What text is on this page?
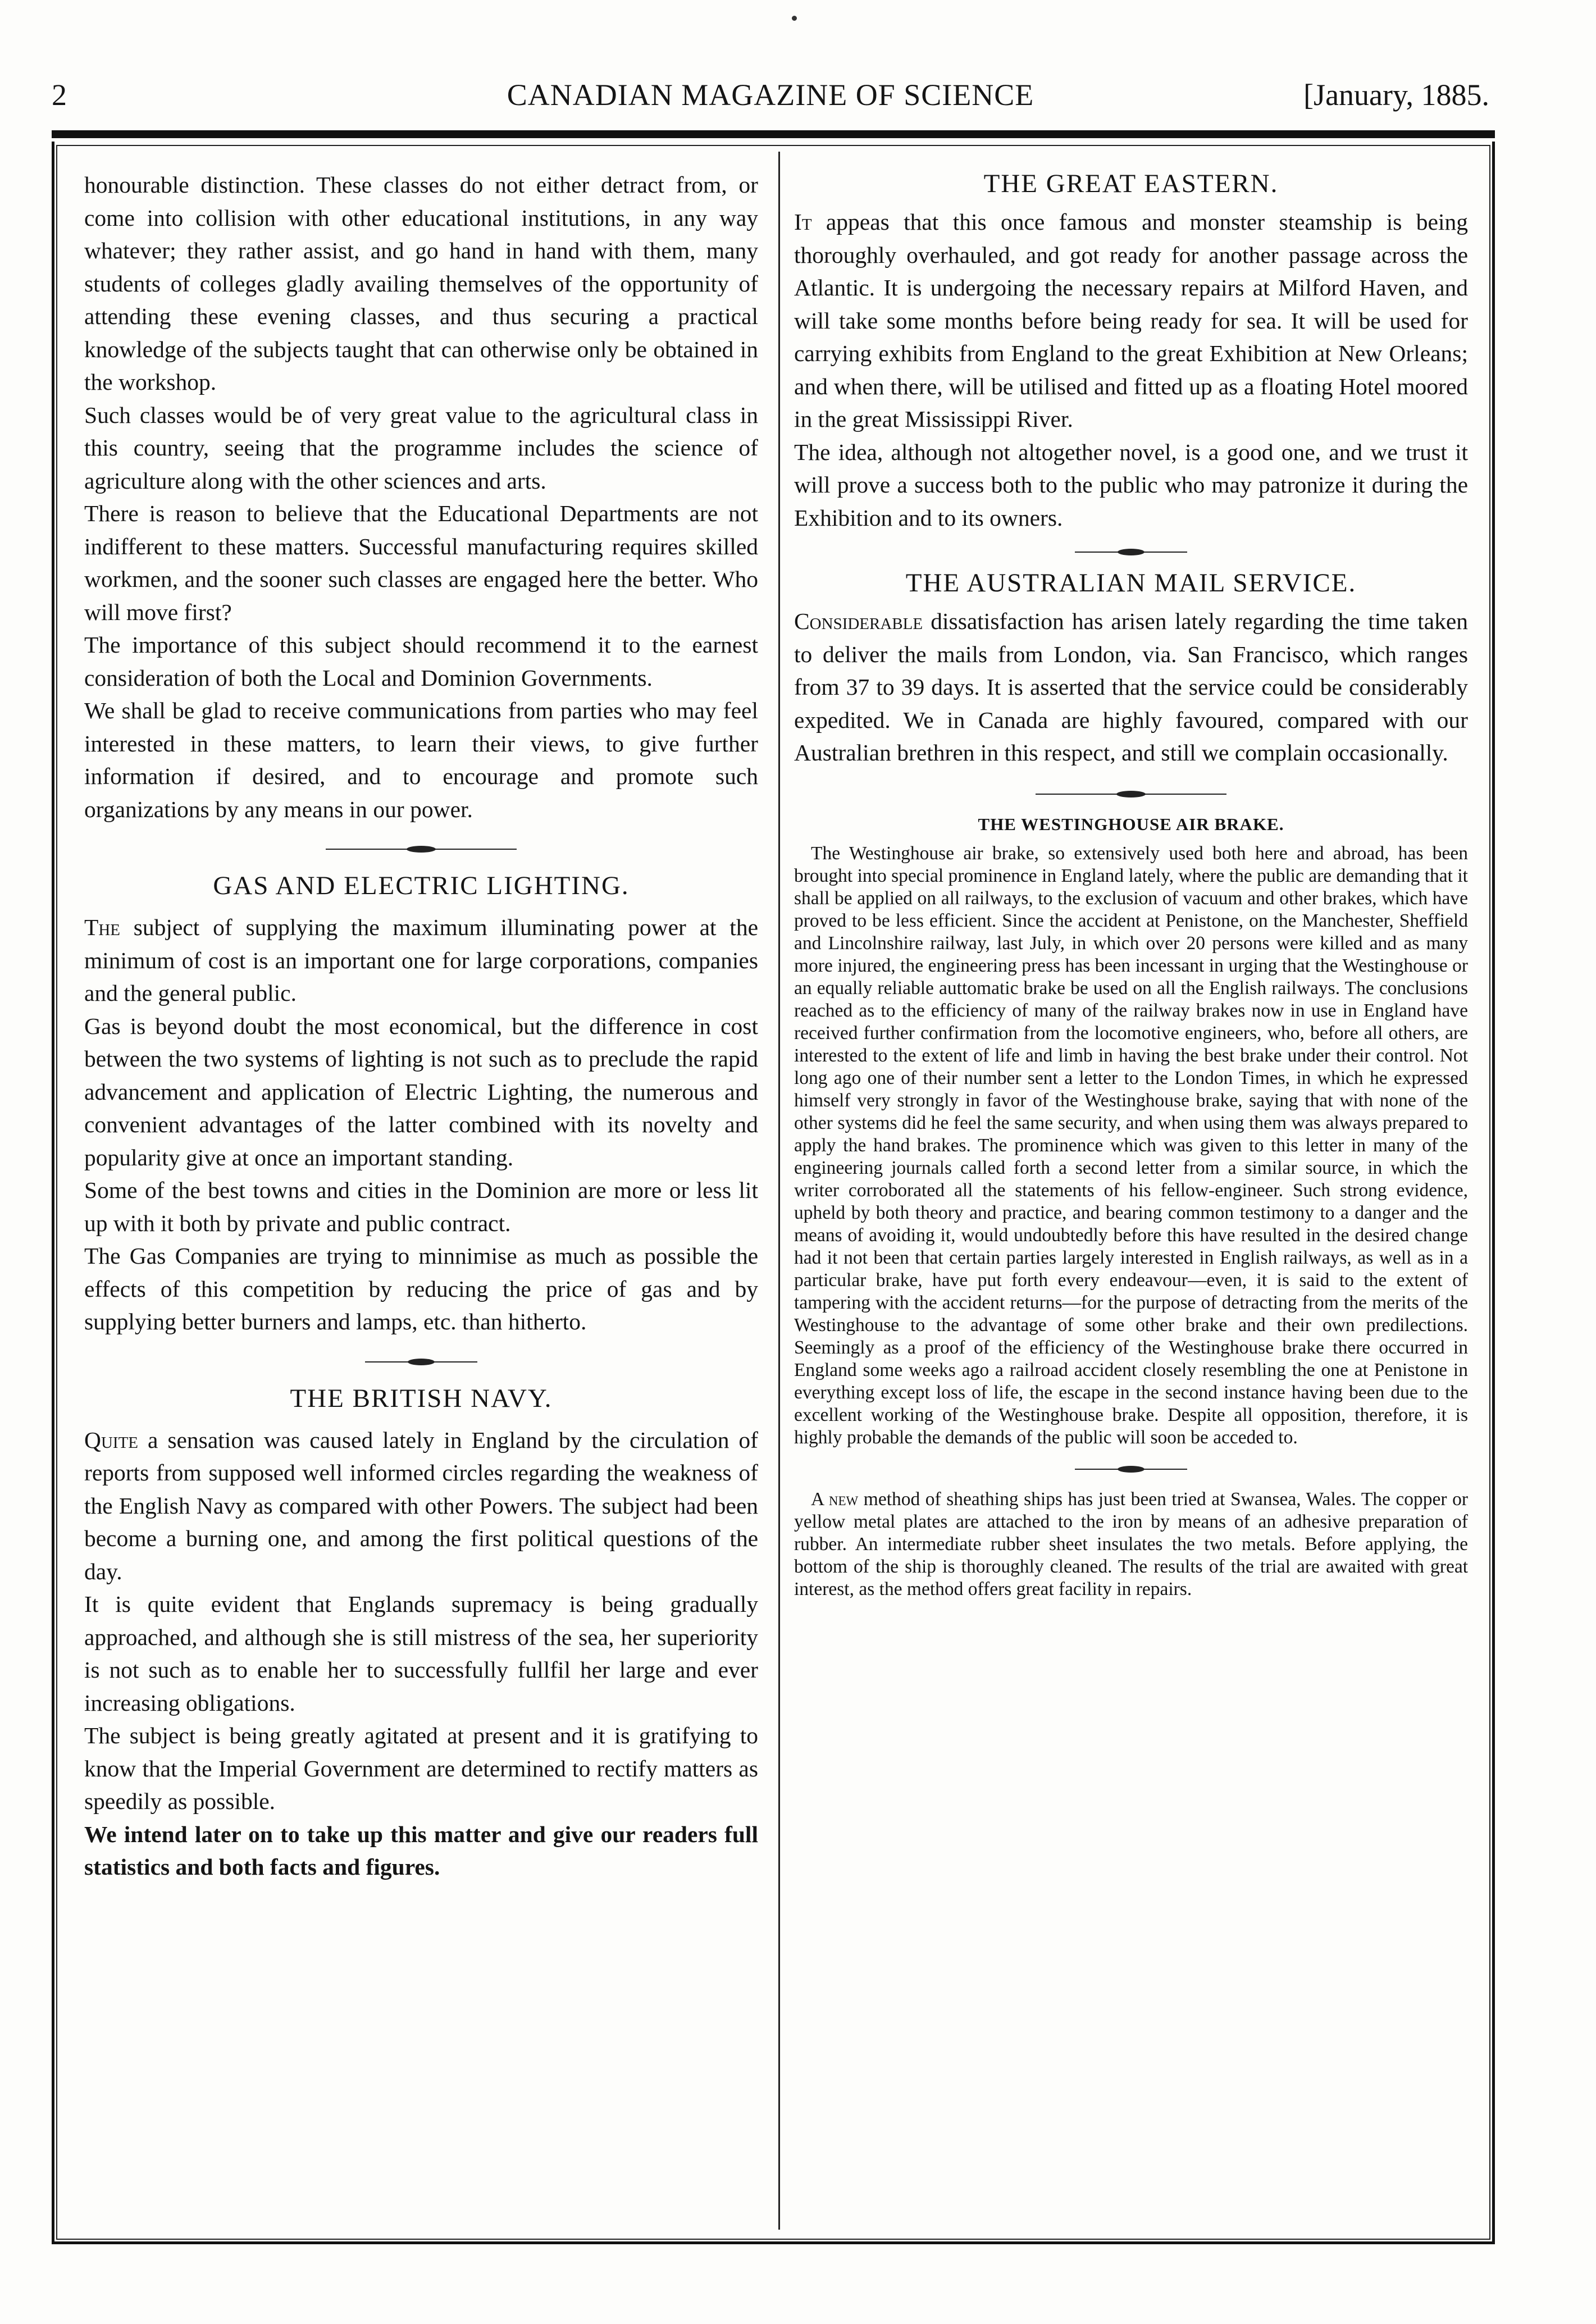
2	CANADIAN MAGAZINE OF SCIENCE	[January, 1885.

honourable distinction. These classes do not either detract from, or come into collision with other educational institutions, in any way whatever; they rather assist, and go hand in hand with them, many students of colleges gladly availing themselves of the opportunity of attending these evening classes, and thus securing a practical knowledge of the subjects taught that can otherwise only be obtained in the workshop.

Such classes would be of very great value to the agricultural class in this country, seeing that the programme includes the science of agriculture along with the other sciences and arts.

There is reason to believe that the Educational Departments are not indifferent to these matters. Successful manufacturing requires skilled workmen, and the sooner such classes are engaged here the better. Who will move first?

The importance of this subject should recommend it to the earnest consideration of both the Local and Dominion Governments.

We shall be glad to receive communications from parties who may feel interested in these matters, to learn their views, to give further information if desired, and to encourage and promote such organizations by any means in our power.

GAS AND ELECTRIC LIGHTING.

The subject of supplying the maximum illuminating power at the minimum of cost is an important one for large corporations, companies and the general public.

Gas is beyond doubt the most economical, but the difference in cost between the two systems of lighting is not such as to preclude the rapid advancement and application of Electric Lighting, the numerous and convenient advantages of the latter combined with its novelty and popularity give at once an important standing.

Some of the best towns and cities in the Dominion are more or less lit up with it both by private and public contract.

The Gas Companies are trying to minnimise as much as possible the effects of this competition by reducing the price of gas and by supplying better burners and lamps, etc. than hitherto.

THE BRITISH NAVY.

Quite a sensation was caused lately in England by the circulation of reports from supposed well informed circles regarding the weakness of the English Navy as compared with other Powers. The subject had been become a burning one, and among the first political questions of the day.

It is quite evident that Englands supremacy is being gradually approached, and although she is still mistress of the sea, her superiority is not such as to enable her to successfully fullfil her large and ever increasing obligations.

The subject is being greatly agitated at present and it is gratifying to know that the Imperial Government are determined to rectify matters as speedily as possible.

We intend later on to take up this matter and give our readers full statistics and both facts and figures.

THE GREAT EASTERN.

It appeas that this once famous and monster steamship is being thoroughly overhauled, and got ready for another passage across the Atlantic. It is undergoing the necessary repairs at Milford Haven, and will take some months before being ready for sea. It will be used for carrying exhibits from England to the great Exhibition at New Orleans; and when there, will be utilised and fitted up as a floating Hotel moored in the great Mississippi River.

The idea, although not altogether novel, is a good one, and we trust it will prove a success both to the public who may patronize it during the Exhibition and to its owners.

THE AUSTRALIAN MAIL SERVICE.

Considerable dissatisfaction has arisen lately regarding the time taken to deliver the mails from London, via. San Francisco, which ranges from 37 to 39 days. It is asserted that the service could be considerably expedited. We in Canada are highly favoured, compared with our Australian brethren in this respect, and still we complain occasionally.

THE WESTINGHOUSE AIR BRAKE.

The Westinghouse air brake, so extensively used both here and abroad, has been brought into special prominence in England lately, where the public are demanding that it shall be applied on all railways, to the exclusion of vacuum and other brakes, which have proved to be less efficient. Since the accident at Penistone, on the Manchester, Sheffield and Lincolnshire railway, last July, in which over 20 persons were killed and as many more injured, the engineering press has been incessant in urging that the Westinghouse or an equally reliable auttomatic brake be used on all the English railways. The conclusions reached as to the efficiency of many of the railway brakes now in use in England have received further confirmation from the locomotive engineers, who, before all others, are interested to the extent of life and limb in having the best brake under their control. Not long ago one of their number sent a letter to the London Times, in which he expressed himself very strongly in favor of the Westinghouse brake, saying that with none of the other systems did he feel the same security, and when using them was always prepared to apply the hand brakes. The prominence which was given to this letter in many of the engineering journals called forth a second letter from a similar source, in which the writer corroborated all the statements of his fellow-engineer. Such strong evidence, upheld by both theory and practice, and bearing common testimony to a danger and the means of avoiding it, would undoubtedly before this have resulted in the desired change had it not been that certain parties largely interested in English railways, as well as in a particular brake, have put forth every endeavour—even, it is said to the extent of tampering with the accident returns—for the purpose of detracting from the merits of the Westinghouse to the advantage of some other brake and their own predilections. Seemingly as a proof of the efficiency of the Westinghouse brake there occurred in England some weeks ago a railroad accident closely resembling the one at Penistone in everything except loss of life, the escape in the second instance having been due to the excellent working of the Westinghouse brake. Despite all opposition, therefore, it is highly probable the demands of the public will soon be acceded to.

A new method of sheathing ships has just been tried at Swansea, Wales. The copper or yellow metal plates are attached to the iron by means of an adhesive preparation of rubber. An intermediate rubber sheet insulates the two metals. Before applying, the bottom of the ship is thoroughly cleaned. The results of the trial are awaited with great interest, as the method offers great facility in repairs.
